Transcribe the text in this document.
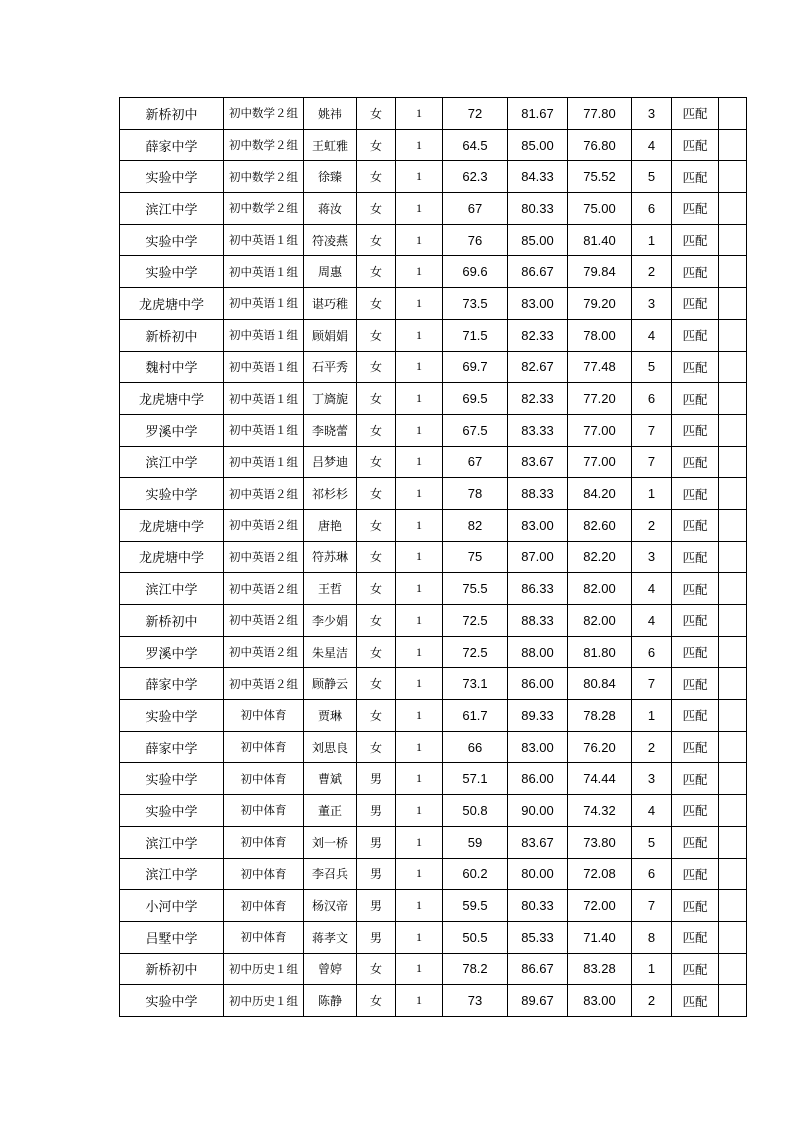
新桥初中	初中数学２组	姚祎	女	1	72	81.67	77.80	3	匹配	
薛家中学	初中数学２组	王虹雅	女	1	64.5	85.00	76.80	4	匹配	
实验中学	初中数学２组	徐臻	女	1	62.3	84.33	75.52	5	匹配	
滨江中学	初中数学２组	蒋汝	女	1	67	80.33	75.00	6	匹配	
实验中学	初中英语１组	符凌燕	女	1	76	85.00	81.40	1	匹配	
实验中学	初中英语１组	周惠	女	1	69.6	86.67	79.84	2	匹配	
龙虎塘中学	初中英语１组	谌巧稚	女	1	73.5	83.00	79.20	3	匹配	
新桥初中	初中英语１组	顾娟娟	女	1	71.5	82.33	78.00	4	匹配	
魏村中学	初中英语１组	石平秀	女	1	69.7	82.67	77.48	5	匹配	
龙虎塘中学	初中英语１组	丁旖旎	女	1	69.5	82.33	77.20	6	匹配	
罗溪中学	初中英语１组	李晓蕾	女	1	67.5	83.33	77.00	7	匹配	
滨江中学	初中英语１组	吕梦迪	女	1	67	83.67	77.00	7	匹配	
实验中学	初中英语２组	祁杉杉	女	1	78	88.33	84.20	1	匹配	
龙虎塘中学	初中英语２组	唐艳	女	1	82	83.00	82.60	2	匹配	
龙虎塘中学	初中英语２组	符苏琳	女	1	75	87.00	82.20	3	匹配	
滨江中学	初中英语２组	王哲	女	1	75.5	86.33	82.00	4	匹配	
新桥初中	初中英语２组	李少娟	女	1	72.5	88.33	82.00	4	匹配	
罗溪中学	初中英语２组	朱星洁	女	1	72.5	88.00	81.80	6	匹配	
薛家中学	初中英语２组	顾静云	女	1	73.1	86.00	80.84	7	匹配	
实验中学	初中体育	贾琳	女	1	61.7	89.33	78.28	1	匹配	
薛家中学	初中体育	刘思良	女	1	66	83.00	76.20	2	匹配	
实验中学	初中体育	曹斌	男	1	57.1	86.00	74.44	3	匹配	
实验中学	初中体育	董正	男	1	50.8	90.00	74.32	4	匹配	
滨江中学	初中体育	刘一桥	男	1	59	83.67	73.80	5	匹配	
滨江中学	初中体育	李召兵	男	1	60.2	80.00	72.08	6	匹配	
小河中学	初中体育	杨汉帝	男	1	59.5	80.33	72.00	7	匹配	
吕墅中学	初中体育	蒋孝文	男	1	50.5	85.33	71.40	8	匹配	
新桥初中	初中历史１组	曾婷	女	1	78.2	86.67	83.28	1	匹配	
实验中学	初中历史１组	陈静	女	1	73	89.67	83.00	2	匹配	
